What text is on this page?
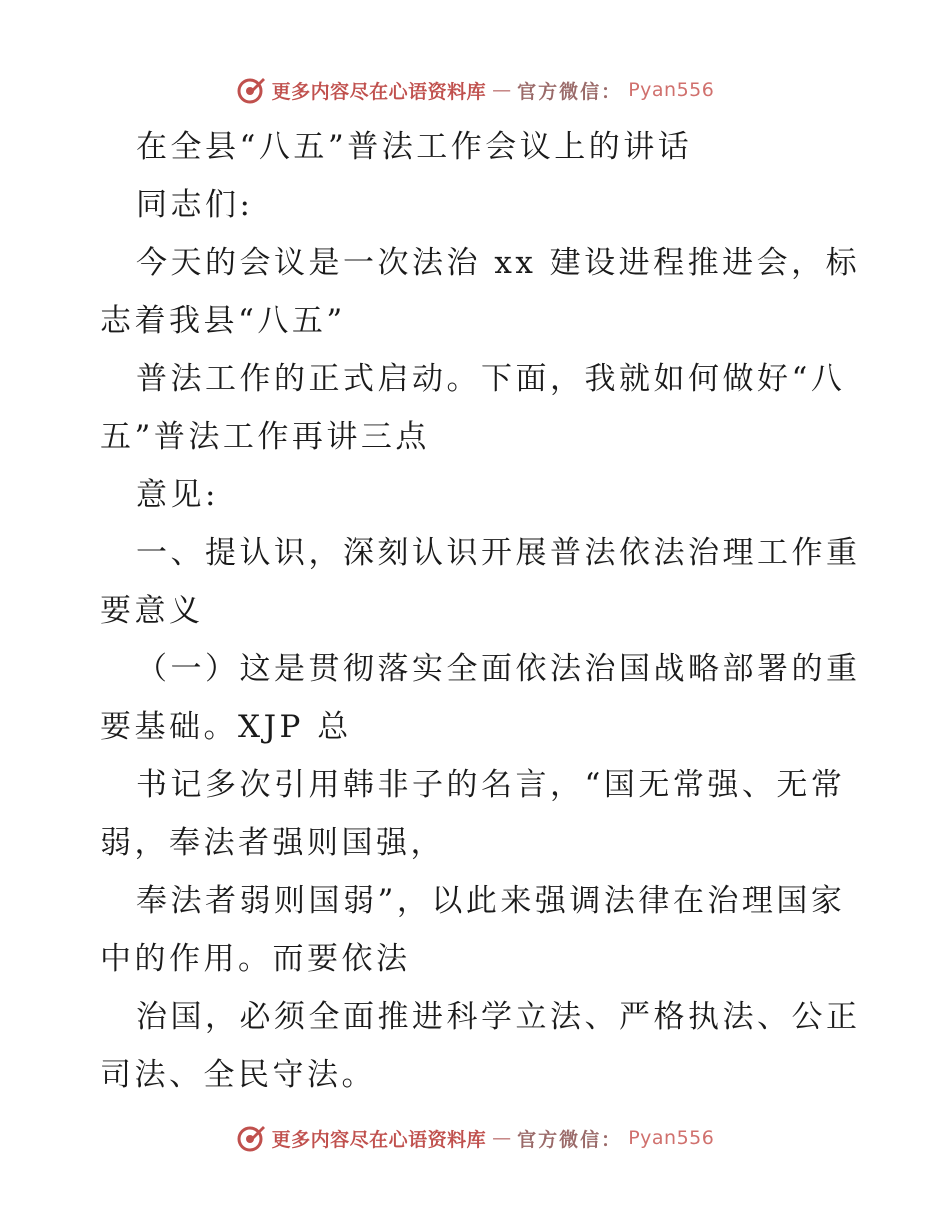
更多内容尽在心语资料库 — 官方微信： Pyan556
在全县“八五”普法工作会议上的讲话
同志们:
今天的会议是一次法治 xx 建设进程推进会，标
志着我县“八五”
普法工作的正式启动。下面，我就如何做好“八
五”普法工作再讲三点
意见:
一、提认识，深刻认识开展普法依法治理工作重
要意义
（一）这是贯彻落实全面依法治国战略部署的重
要基础。XJP 总
书记多次引用韩非子的名言，“国无常强、无常
弱，奉法者强则国强，
奉法者弱则国弱”，以此来强调法律在治理国家
中的作用。而要依法
治国，必须全面推进科学立法、严格执法、公正
司法、全民守法。
更多内容尽在心语资料库 — 官方微信： Pyan556
